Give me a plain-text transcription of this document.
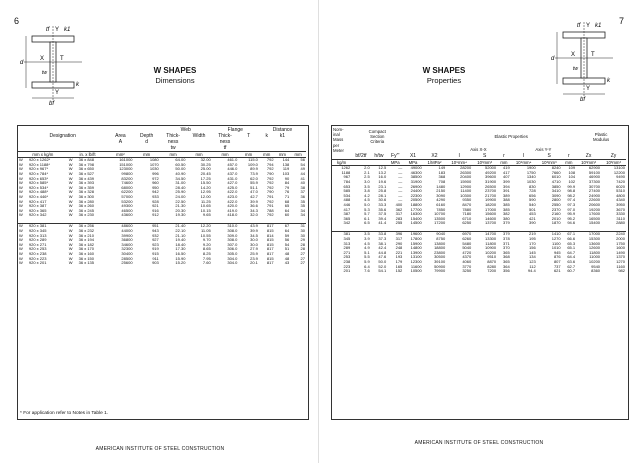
6
tf Y k1
d
X	T
tw
k
Y
bf
W SHAPES
Dimensions
						Web		Flange		Distance		
Designation				Area	Depth	Thick-	Width	Thick-	T	k	k1	
				A	d	ness		ness				
						tw		tf				
mm x kg/m		in. x lb/ft		mm²	mm	mm	mm	mm	mm	mm	mm	mm
W	920 x 1262*	W	36 x 848	161000	1080	64.00	32.00	461.0	115.0	792	144	56
W	920 x 1188*	W	36 x 798	151000	1070	60.50	30.25	457.0	109.0	794	138	54
W	920 x 967*	W	36 x 650	123000	1030	50.00	25.00	446.0	89.9	792	119	49
W	920 x 784*	W	36 x 527	99800	996	40.90	20.45	437.0	73.9	790	103	44
W	920 x 653*	W	36 x 439	83200	972	34.50	17.25	431.0	62.0	792	90	41
W	920 x 585*	W	36 x 393	74600	960	31.00	15.50	427.0	55.9	792	84	40
W	920 x 534*	W	36 x 359	68000	950	28.40	14.20	425.0	51.1	792	79	38
W	920 x 488*	W	36 x 328	62200	942	25.90	12.95	422.0	47.0	790	76	37
W	920 x 446*	W	36 x 300	57000	933	24.00	12.00	423.0	42.7	791	71	36
W	920 x 417	W	36 x 280	53200	928	22.50	11.25	422.0	39.9	792	68	35
W	920 x 387	W	36 x 260	49300	921	21.30	10.65	420.0	36.6	791	65	35
W	920 x 365	W	36 x 245	46500	916	20.30	10.15	419.0	34.3	788	64	34
W	920 x 342	W	36 x 230	43600	912	19.30	9.65	418.0	32.0	792	60	34

W	920 x 381	W	36 x 256	48600	951	21.40	12.20	310.0	43.9	817	67	31
W	920 x 345	W	36 x 232	44000	943	22.10	11.05	308.0	39.9	815	64	30
W	920 x 313	W	36 x 210	39900	932	21.10	10.55	309.0	34.5	814	59	30
W	920 x 289	W	36 x 194	36800	927	19.40	9.70	308.0	30.0	815	56	29
W	920 x 271	W	36 x 182	34600	923	18.40	9.20	307.0	30.0	815	54	28
W	920 x 253	W	36 x 170	32300	919	17.30	8.65	306.0	27.9	817	51	28
W	920 x 238	W	36 x 160	30400	915	16.50	8.25	305.0	25.9	817	48	27
W	920 x 223	W	36 x 150	28500	911	15.90	7.95	304.0	23.9	815	48	27
W	920 x 201	W	36 x 135	25600	903	15.20	7.60	304.0	20.1	817	43	27
* For application refer to Notes in Table 1.
AMERICAN INSTITUTE OF STEEL CONSTRUCTION
7
tf Y k1
d
X	T
tw
k
Y
bf
W SHAPES
Properties
Nom-
inal
Mass
per
Meter	Compact
Section
Criteria					Elastic Properties						Plastic
Modulus	
						Axis X-X			Axis Y-Y				
	bf/2tf	h/tw	Fy'''	X1	X2	I	S	r	I	S	r	Zx	Zy
kg/m			MPa	MPa	1/MPa²	10⁶mm⁴	10³mm³	mm	10⁶mm⁴	10³mm³	mm	10³mm³	10³mm³
1262	2.0	12.5	—	49000	149	28200	52000	419	1900	8240	109	62900	13100
1188	2.1	13.2	—	46300	183	26300	49200	417	1750	7660	108	59100	12200
967	2.5	16.0	—	38500	368	20400	39600	407	1340	6010	104	46900	9490
784	3.0	19.6	—	31900	708	15900	31900	399	1030	4710	102	37300	7420
653	3.5	23.1	—	26900	1480	12900	26500	394	830	3850	99.9	30700	6020
585	3.8	25.8	—	24400	2150	11400	23700	391	728	3410	98.8	27400	5310
534	4.2	28.1	—	22300	3090	10300	21700	389	656	3090	98.2	24900	4800
488	4.5	30.6	—	20500	4290	9350	19900	388	590	2800	97.4	22600	4340
446	5.0	33.3	400	18800	6160	8470	18200	385	540	2550	97.3	20600	3950
417	5.3	35.6	362	17700	7850	7880	17000	385	501	2370	97.0	19200	3670
387	5.7	37.5	317	16300	10700	7180	15600	382	453	2160	95.9	17600	3330
365	6.1	39.4	283	15400	13500	6710	14600	380	421	2010	95.2	16500	3110
342	6.5	41.4	255	14500	17200	6250	13700	379	390	1870	94.6	15400	2880

381	3.5	33.8	396	19600	9040	6970	14700	379	219	1410	67.1	17000	2240
345	3.9	37.3	317	17800	8750	6260	13300	378	195	1270	66.6	15300	2000
313	4.5	38.1	290	15900	13800	5480	11800	371	170	1100	65.3	13600	1750
289	4.9	42.4	248	14800	18800	5040	10900	370	156	1010	65.1	12600	1600
271	5.1	44.8	221	13900	23800	4720	10200	365	145	945	64.7	11800	1490
253	5.5	47.6	193	13100	30500	4370	9510	368	134	876	64.4	11000	1370
238	5.9	50.0	179	12300	39100	4060	8870	365	123	807	63.6	10200	1270
223	6.4	52.0	165	11600	50900	3770	8280	364	112	737	62.7	9540	1160
201	7.6	54.1	152	10500	79900	3250	7200	356	94.4	621	60.7	8360	982
AMERICAN INSTITUTE OF STEEL CONSTRUCTION
